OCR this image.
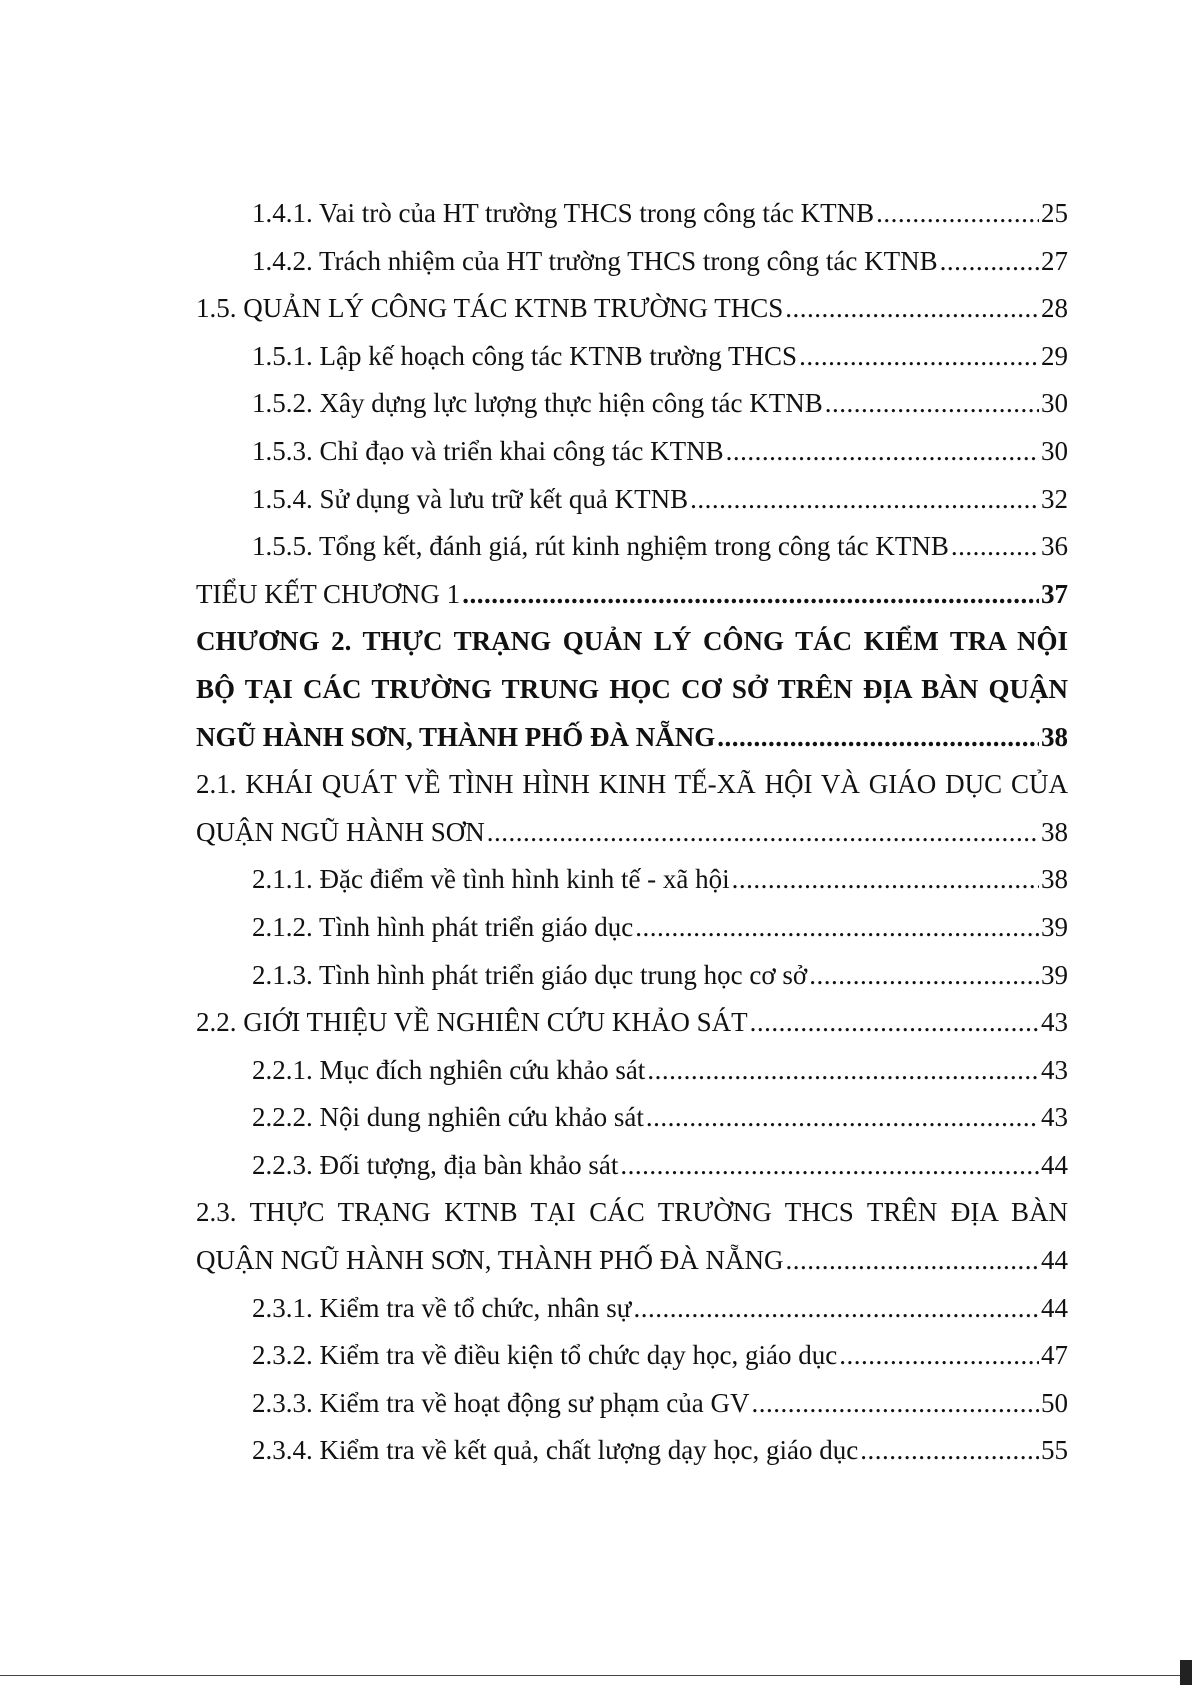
1.4.1. Vai trò của HT trường THCS trong công tác KTNB .....	25
1.4.2. Trách nhiệm của HT trường THCS trong công tác KTNB .....	27
1.5. QUẢN LÝ CÔNG TÁC KTNB TRƯỜNG THCS .....	28
1.5.1. Lập kế hoạch công tác KTNB trường THCS .....	29
1.5.2. Xây dựng lực lượng thực hiện công tác KTNB .....	30
1.5.3. Chỉ đạo và triển khai công tác KTNB .....	30
1.5.4. Sử dụng và lưu trữ kết quả KTNB .....	32
1.5.5. Tổng kết, đánh giá, rút kinh nghiệm trong công tác KTNB .....	36
TIỂU KẾT CHƯƠNG 1 .....	37
CHƯƠNG 2. THỰC TRẠNG QUẢN LÝ CÔNG TÁC KIỂM TRA NỘI
BỘ TẠI CÁC TRƯỜNG TRUNG HỌC CƠ SỞ TRÊN ĐỊA BÀN QUẬN
NGŨ HÀNH SƠN, THÀNH PHỐ ĐÀ NẴNG .....	38
2.1. KHÁI QUÁT VỀ TÌNH HÌNH KINH TẾ-XÃ HỘI VÀ GIÁO DỤC CỦA
QUẬN NGŨ HÀNH SƠN .....	38
2.1.1. Đặc điểm về tình hình kinh tế - xã hội .....	38
2.1.2. Tình hình phát triển giáo dục .....	39
2.1.3. Tình hình phát triển giáo dục trung học cơ sở .....	39
2.2. GIỚI THIỆU VỀ NGHIÊN CỨU KHẢO SÁT .....	43
2.2.1. Mục đích nghiên cứu khảo sát .....	43
2.2.2. Nội dung nghiên cứu khảo sát .....	43
2.2.3. Đối tượng, địa bàn khảo sát .....	44
2.3. THỰC TRẠNG KTNB TẠI CÁC TRƯỜNG THCS TRÊN ĐỊA BÀN
QUẬN NGŨ HÀNH SƠN, THÀNH PHỐ ĐÀ NẴNG .....	44
2.3.1. Kiểm tra về tổ chức, nhân sự .....	44
2.3.2. Kiểm tra về điều kiện tổ chức dạy học, giáo dục .....	47
2.3.3. Kiểm tra về hoạt động sư phạm của GV .....	50
2.3.4. Kiểm tra về kết quả, chất lượng dạy học, giáo dục .....	55
